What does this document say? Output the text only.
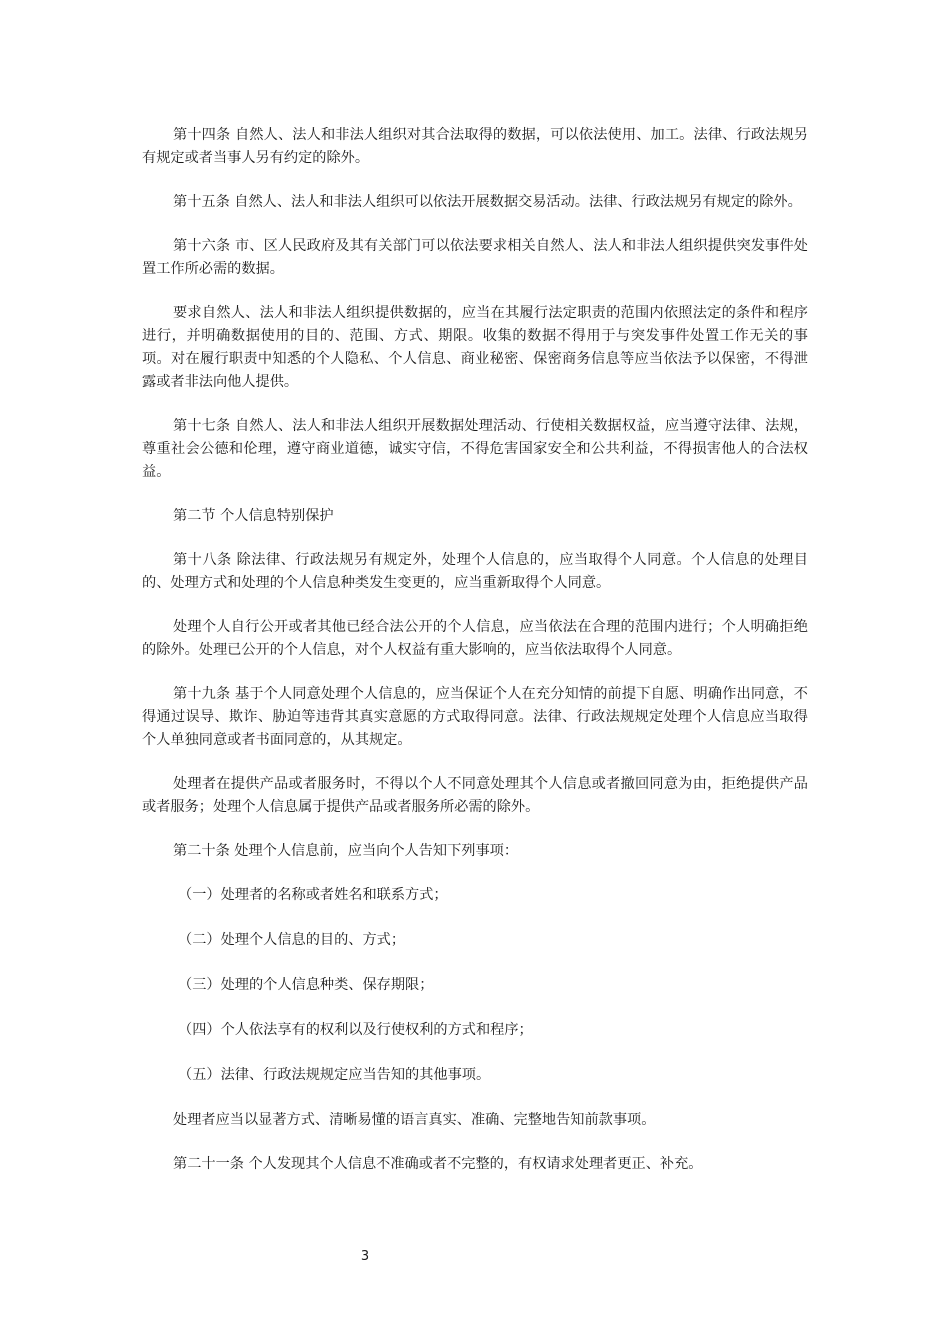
第十四条 自然人、法人和非法人组织对其合法取得的数据，可以依法使用、加工。法律、行政法规另有规定或者当事人另有约定的除外。

第十五条 自然人、法人和非法人组织可以依法开展数据交易活动。法律、行政法规另有规定的除外。

第十六条 市、区人民政府及其有关部门可以依法要求相关自然人、法人和非法人组织提供突发事件处置工作所必需的数据。

要求自然人、法人和非法人组织提供数据的，应当在其履行法定职责的范围内依照法定的条件和程序进行，并明确数据使用的目的、范围、方式、期限。收集的数据不得用于与突发事件处置工作无关的事项。对在履行职责中知悉的个人隐私、个人信息、商业秘密、保密商务信息等应当依法予以保密，不得泄露或者非法向他人提供。

第十七条 自然人、法人和非法人组织开展数据处理活动、行使相关数据权益，应当遵守法律、法规，尊重社会公德和伦理，遵守商业道德，诚实守信，不得危害国家安全和公共利益，不得损害他人的合法权益。

第二节 个人信息特别保护

第十八条 除法律、行政法规另有规定外，处理个人信息的，应当取得个人同意。个人信息的处理目的、处理方式和处理的个人信息种类发生变更的，应当重新取得个人同意。

处理个人自行公开或者其他已经合法公开的个人信息，应当依法在合理的范围内进行；个人明确拒绝的除外。处理已公开的个人信息，对个人权益有重大影响的，应当依法取得个人同意。

第十九条 基于个人同意处理个人信息的，应当保证个人在充分知情的前提下自愿、明确作出同意，不得通过误导、欺诈、胁迫等违背其真实意愿的方式取得同意。法律、行政法规规定处理个人信息应当取得个人单独同意或者书面同意的，从其规定。

处理者在提供产品或者服务时，不得以个人不同意处理其个人信息或者撤回同意为由，拒绝提供产品或者服务；处理个人信息属于提供产品或者服务所必需的除外。

第二十条 处理个人信息前，应当向个人告知下列事项：

（一）处理者的名称或者姓名和联系方式；

（二）处理个人信息的目的、方式；

（三）处理的个人信息种类、保存期限；

（四）个人依法享有的权利以及行使权利的方式和程序；

（五）法律、行政法规规定应当告知的其他事项。

处理者应当以显著方式、清晰易懂的语言真实、准确、完整地告知前款事项。

第二十一条 个人发现其个人信息不准确或者不完整的，有权请求处理者更正、补充。

3
